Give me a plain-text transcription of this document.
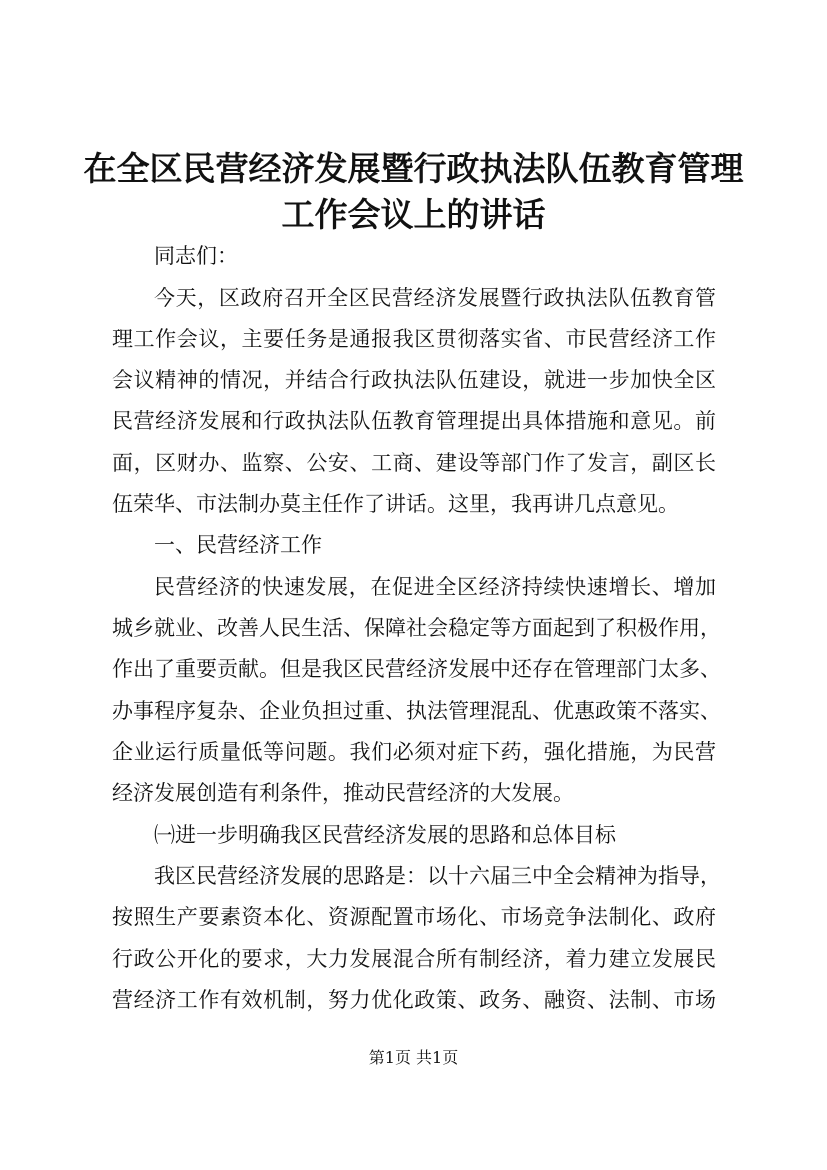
在全区民营经济发展暨行政执法队伍教育管理
工作会议上的讲话

同志们：

今天，区政府召开全区民营经济发展暨行政执法队伍教育管

理工作会议，主要任务是通报我区贯彻落实省、市民营经济工作

会议精神的情况，并结合行政执法队伍建设，就进一步加快全区

民营经济发展和行政执法队伍教育管理提出具体措施和意见。前

面，区财办、监察、公安、工商、建设等部门作了发言，副区长

伍荣华、市法制办莫主任作了讲话。这里，我再讲几点意见。

一、民营经济工作

民营经济的快速发展，在促进全区经济持续快速增长、增加

城乡就业、改善人民生活、保障社会稳定等方面起到了积极作用，

作出了重要贡献。但是我区民营经济发展中还存在管理部门太多、

办事程序复杂、企业负担过重、执法管理混乱、优惠政策不落实、

企业运行质量低等问题。我们必须对症下药，强化措施，为民营

经济发展创造有利条件，推动民营经济的大发展。

㈠进一步明确我区民营经济发展的思路和总体目标

我区民营经济发展的思路是：以十六届三中全会精神为指导，

按照生产要素资本化、资源配置市场化、市场竞争法制化、政府

行政公开化的要求，大力发展混合所有制经济，着力建立发展民

营经济工作有效机制，努力优化政策、政务、融资、法制、市场

第1页 共1页
